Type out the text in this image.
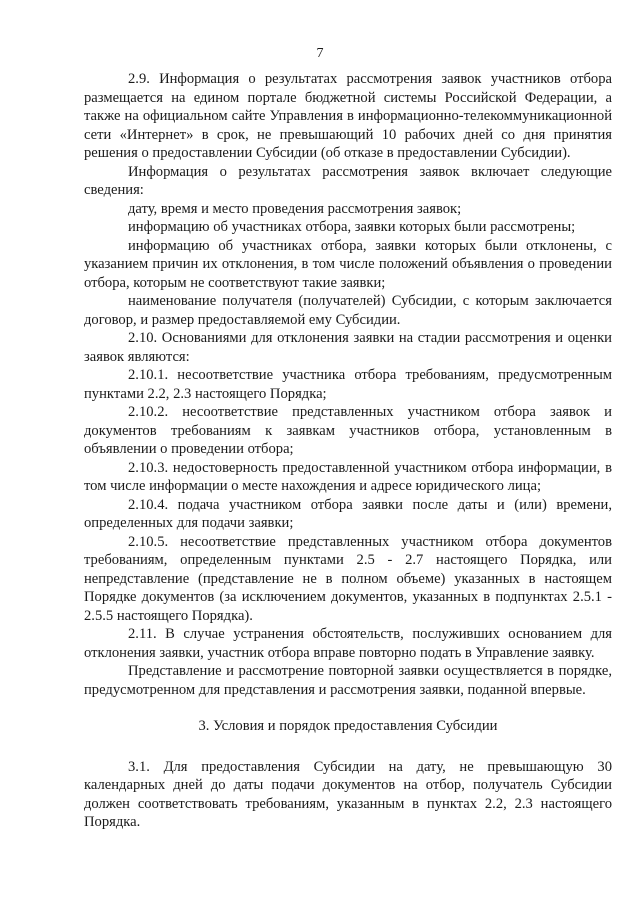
7

2.9. Информация о результатах рассмотрения заявок участников отбора размещается на едином портале бюджетной системы Российской Федерации, а также на официальном сайте Управления в информационно-телекоммуникационной сети «Интернет» в срок, не превышающий 10 рабочих дней со дня принятия решения о предоставлении Субсидии (об отказе в предоставлении Субсидии).

Информация о результатах рассмотрения заявок включает следующие сведения:

дату, время и место проведения рассмотрения заявок;

информацию об участниках отбора, заявки которых были рассмотрены;

информацию об участниках отбора, заявки которых были отклонены, с указанием причин их отклонения, в том числе положений объявления о проведении отбора, которым не соответствуют такие заявки;

наименование получателя (получателей) Субсидии, с которым заключается договор, и размер предоставляемой ему Субсидии.

2.10. Основаниями для отклонения заявки на стадии рассмотрения и оценки заявок являются:

2.10.1. несоответствие участника отбора требованиям, предусмотренным пунктами 2.2, 2.3 настоящего Порядка;

2.10.2. несоответствие представленных участником отбора заявок и документов требованиям к заявкам участников отбора, установленным в объявлении о проведении отбора;

2.10.3. недостоверность предоставленной участником отбора информации, в том числе информации о месте нахождения и адресе юридического лица;

2.10.4. подача участником отбора заявки после даты и (или) времени, определенных для подачи заявки;

2.10.5. несоответствие представленных участником отбора документов требованиям, определенным пунктами 2.5 - 2.7 настоящего Порядка, или непредставление (представление не в полном объеме) указанных в настоящем Порядке документов (за исключением документов, указанных в подпунктах 2.5.1 - 2.5.5 настоящего Порядка).

2.11. В случае устранения обстоятельств, послуживших основанием для отклонения заявки, участник отбора вправе повторно подать в Управление заявку.

Представление и рассмотрение повторной заявки осуществляется в порядке, предусмотренном для представления и рассмотрения заявки, поданной впервые.

3. Условия и порядок предоставления Субсидии

3.1. Для предоставления Субсидии на дату, не превышающую 30 календарных дней до даты подачи документов на отбор, получатель Субсидии должен соответствовать требованиям, указанным в пунктах 2.2, 2.3 настоящего Порядка.
